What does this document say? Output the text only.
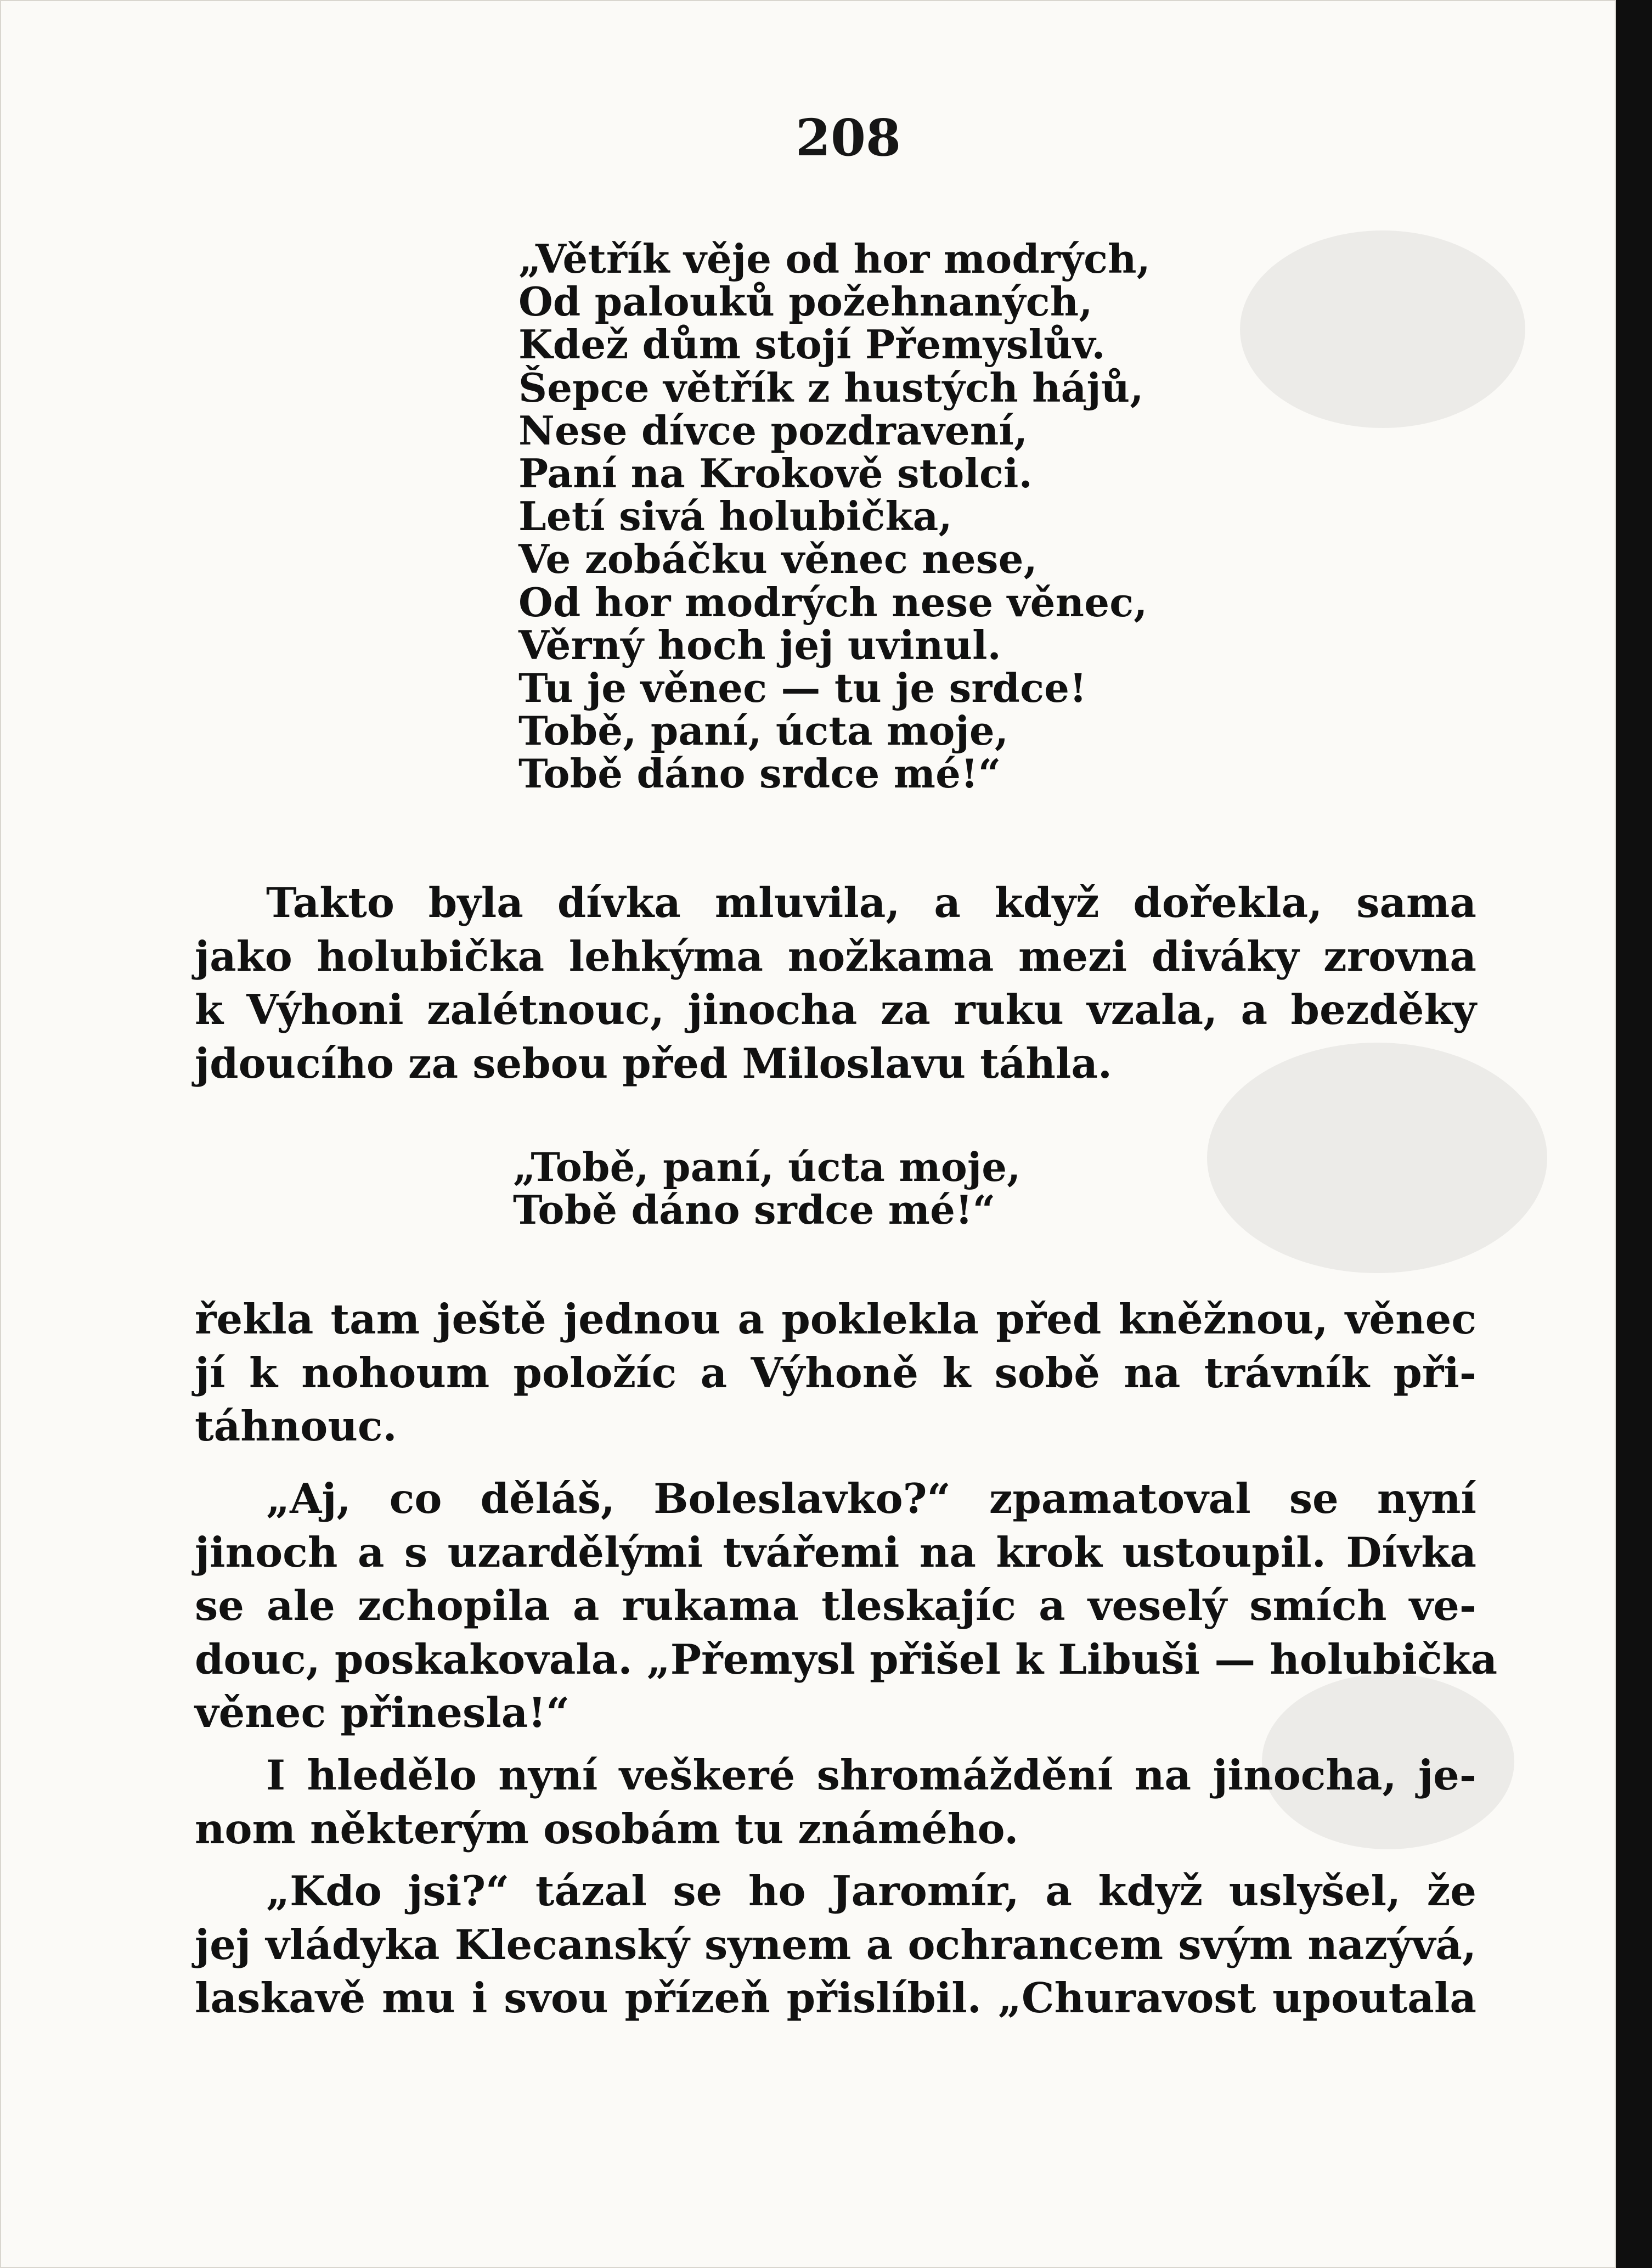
208
„Větřík věje od hor modrých,
Od palouků požehnaných,
Kdež dům stojí Přemyslův.
Šepce větřík z hustých hájů,
Nese dívce pozdravení,
Paní na Krokově stolci.
Letí sivá holubička,
Ve zobáčku věnec nese,
Od hor modrých nese věnec,
Věrný hoch jej uvinul.
Tu je věnec — tu je srdce!
Tobě, paní, úcta moje,
Tobě dáno srdce mé!“
Takto byla dívka mluvila, a když dořekla, sama
jako holubička lehkýma nožkama mezi diváky zrovna
k Výhoni zalétnouc, jinocha za ruku vzala, a bezděky
jdoucího za sebou před Miloslavu táhla.
„Tobě, paní, úcta moje,
Tobě dáno srdce mé!“
řekla tam ještě jednou a poklekla před kněžnou, věnec
jí k nohoum položíc a Výhoně k sobě na trávník při-
táhnouc.
„Aj, co děláš, Boleslavko?“ zpamatoval se nyní
jinoch a s uzardělými tvářemi na krok ustoupil. Dívka
se ale zchopila a rukama tleskajíc a veselý smích ve-
douc, poskakovala. „Přemysl přišel k Libuši — holubička
věnec přinesla!“
I hledělo nyní veškeré shromáždění na jinocha, je-
nom některým osobám tu známého.
„Kdo jsi?“ tázal se ho Jaromír, a když uslyšel, že
jej vládyka Klecanský synem a ochrancem svým nazývá,
laskavě mu i svou přízeň přislíbil. „Churavost upoutala
